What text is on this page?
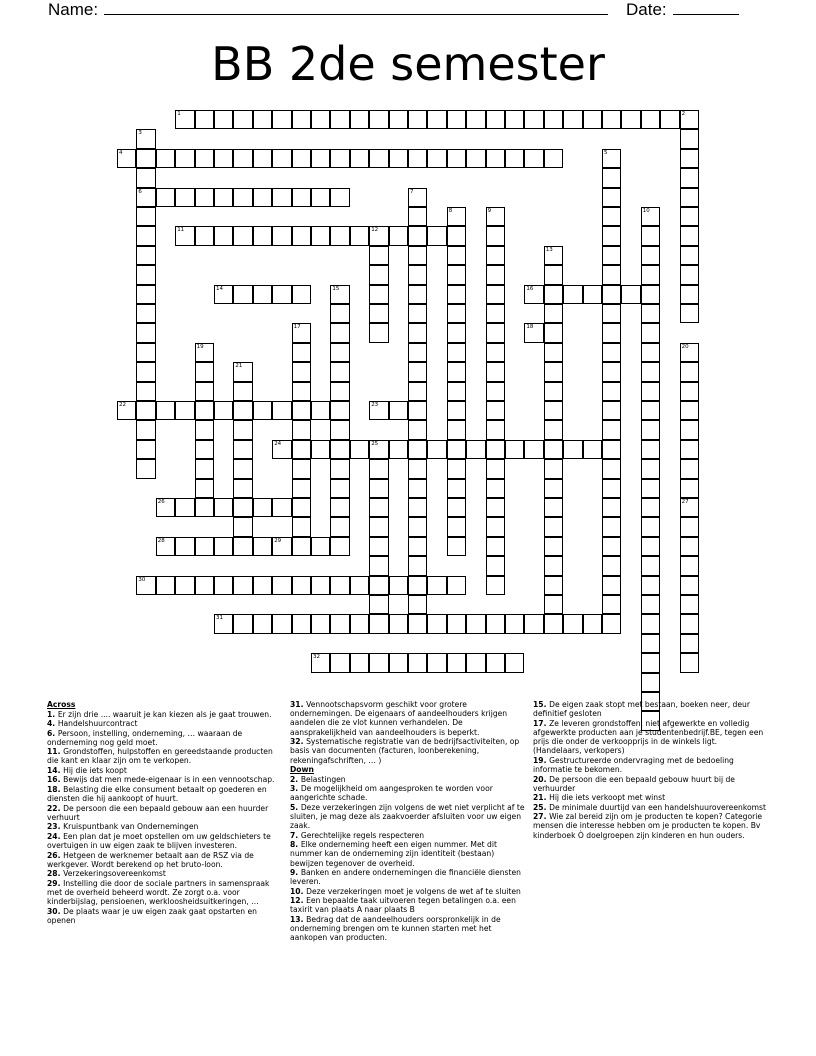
Name:	Date:
BB 2de semester
1
4
6
11	12
14	16
18
22	23
24	25
26
28	29
30
31
32
2
3
5
7
8	9	10
13
15
17
19	20
27
21

Across

1. Er zijn drie .... waaruit je kan kiezen als je gaat trouwen.

4. Handelshuurcontract

6. Persoon, instelling, onderneming, … waaraan de onderneming nog geld moet.

11. Grondstoffen, hulpstoffen en gereedstaande producten die kant en klaar zijn om te verkopen.

14. Hij die iets koopt

16. Bewijs dat men mede-eigenaar is in een vennootschap.

18. Belasting die elke consument betaalt op goederen en diensten die hij aankoopt of huurt.

22. De persoon die een bepaald gebouw aan een huurder verhuurt

23. Kruispuntbank van Ondernemingen

24. Een plan dat je moet opstellen om uw geldschieters te overtuigen in uw eigen zaak te blijven investeren.

26. Hetgeen de werknemer betaalt aan de RSZ via de werkgever. Wordt berekend op het bruto-loon.

28. Verzekeringsovereenkomst

29. Instelling die door de sociale partners in samenspraak met de overheid beheerd wordt. Ze zorgt o.a. voor kinderbijslag, pensioenen, werkloosheidsuitkeringen, …

30. De plaats waar je uw eigen zaak gaat opstarten en openen

31. Vennootschapsvorm geschikt voor grotere ondernemingen. De eigenaars of aandeelhouders krijgen aandelen die ze vlot kunnen verhandelen. De aansprakelijkheid van aandeelhouders is beperkt.

32. Systematische registratie van de bedrijfsactiviteiten, op basis van documenten (facturen, loonberekening, rekeningafschriften, … )

Down

2. Belastingen

3. De mogelijkheid om aangesproken te worden voor aangerichte schade.

5. Deze verzekeringen zijn volgens de wet niet verplicht af te sluiten, je mag deze als zaakvoerder afsluiten voor uw eigen zaak.

7. Gerechtelijke regels respecteren

8. Elke onderneming heeft een eigen nummer. Met dit nummer kan de onderneming zijn identiteit (bestaan) bewijzen tegenover de overheid.

9. Banken en andere ondernemingen die financiële diensten leveren.

10. Deze verzekeringen moet je volgens de wet af te sluiten

12. Een bepaalde taak uitvoeren tegen betalingen o.a. een taxirit van plaats A naar plaats B

13. Bedrag dat de aandeelhouders oorspronkelijk in de onderneming brengen om te kunnen starten met het aankopen van producten.

15. De eigen zaak stopt met bestaan, boeken neer, deur definitief gesloten

17. Ze leveren grondstoffen, niet afgewerkte en volledig afgewerkte producten aan je studentenbedrijf.BE, tegen een prijs die onder de verkoopprijs in de winkels ligt. (Handelaars, verkopers)

19. Gestructureerde ondervraging met de bedoeling informatie te bekomen.

20. De persoon die een bepaald gebouw huurt bij de verhuurder

21. Hij die iets verkoopt met winst

25. De minimale duurtijd van een handelshuurovereenkomst

27. Wie zal bereid zijn om je producten te kopen? Categorie mensen die interesse hebben om je producten te kopen. Bv kinderboek Ò doelgroepen zijn kinderen en hun ouders.
